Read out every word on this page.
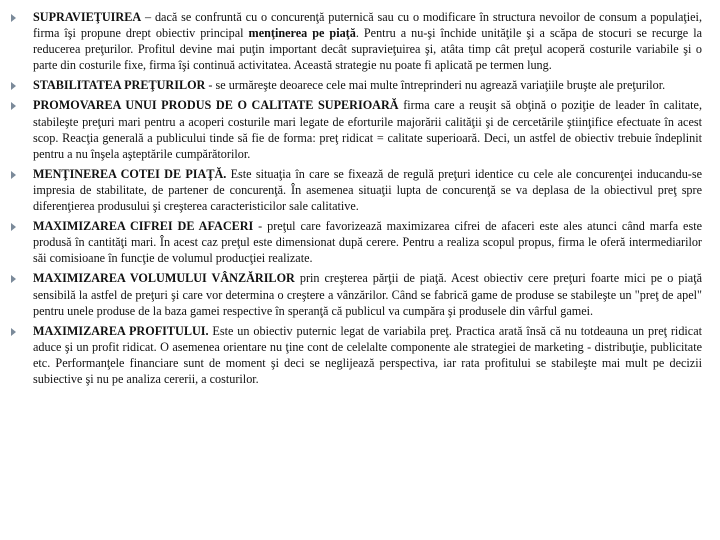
SUPRAVIEŢUIREA – dacă se confruntă cu o concurenţă puternică sau cu o modificare în structura nevoilor de consum a populaţiei, firma îşi propune drept obiectiv principal menţinerea pe piaţă. Pentru a nu-şi închide unităţile şi a scăpa de stocuri se recurge la reducerea preţurilor. Profitul devine mai puţin important decât supravieţuirea şi, atâta timp cât preţul acoperă costurile variabile şi o parte din costurile fixe, firma îşi continuă activitatea. Această strategie nu poate fi aplicată pe termen lung.
STABILITATEA PREŢURILOR - se urmăreşte deoarece cele mai multe întreprinderi nu agrează variaţiile bruşte ale preţurilor.
PROMOVAREA UNUI PRODUS DE O CALITATE SUPERIOARĂ firma care a reuşit să obţină o poziţie de leader în calitate, stabileşte preţuri mari pentru a acoperi costurile mari legate de eforturile majorării calităţii şi de cercetările ştiinţifice efectuate în acest scop. Reacţia generală a publicului tinde să fie de forma: preţ ridicat = calitate superioară. Deci, un astfel de obiectiv trebuie îndeplinit pentru a nu înşela aşteptările cumpărătorilor.
MENŢINEREA COTEI DE PIAŢĂ. Este situaţia în care se fixează de regulă preţuri identice cu cele ale concurenţei inducandu-se impresia de stabilitate, de partener de concurenţă. În asemenea situaţii lupta de concurenţă se va deplasa de la obiectivul preţ spre diferenţierea produsului şi creşterea caracteristicilor sale calitative.
MAXIMIZAREA CIFREI DE AFACERI - preţul care favorizează maximizarea cifrei de afaceri este ales atunci când marfa este produsă în cantităţi mari. În acest caz preţul este dimensionat după cerere. Pentru a realiza scopul propus, firma le oferă intermediarilor săi comisioane în funcţie de volumul producţiei realizate.
MAXIMIZAREA VOLUMULUI VÂNZĂRILOR prin creşterea părţii de piaţă. Acest obiectiv cere preţuri foarte mici pe o piaţă sensibilă la astfel de preţuri şi care vor determina o creştere a vânzărilor. Când se fabrică game de produse se stabileşte un "preţ de apel" pentru unele produse de la baza gamei respective în speranţă că publicul va cumpăra şi produsele din vârful gamei.
MAXIMIZAREA PROFITULUI. Este un obiectiv puternic legat de variabila preţ. Practica arată însă că nu totdeauna un preţ ridicat aduce şi un profit ridicat. O asemenea orientare nu ţine cont de celelalte componente ale strategiei de marketing - distribuţie, publicitate etc. Performanţele financiare sunt de moment şi deci se neglijează perspectiva, iar rata profitului se stabileşte mai mult pe decizii subiective şi nu pe analiza cererii, a costurilor.
